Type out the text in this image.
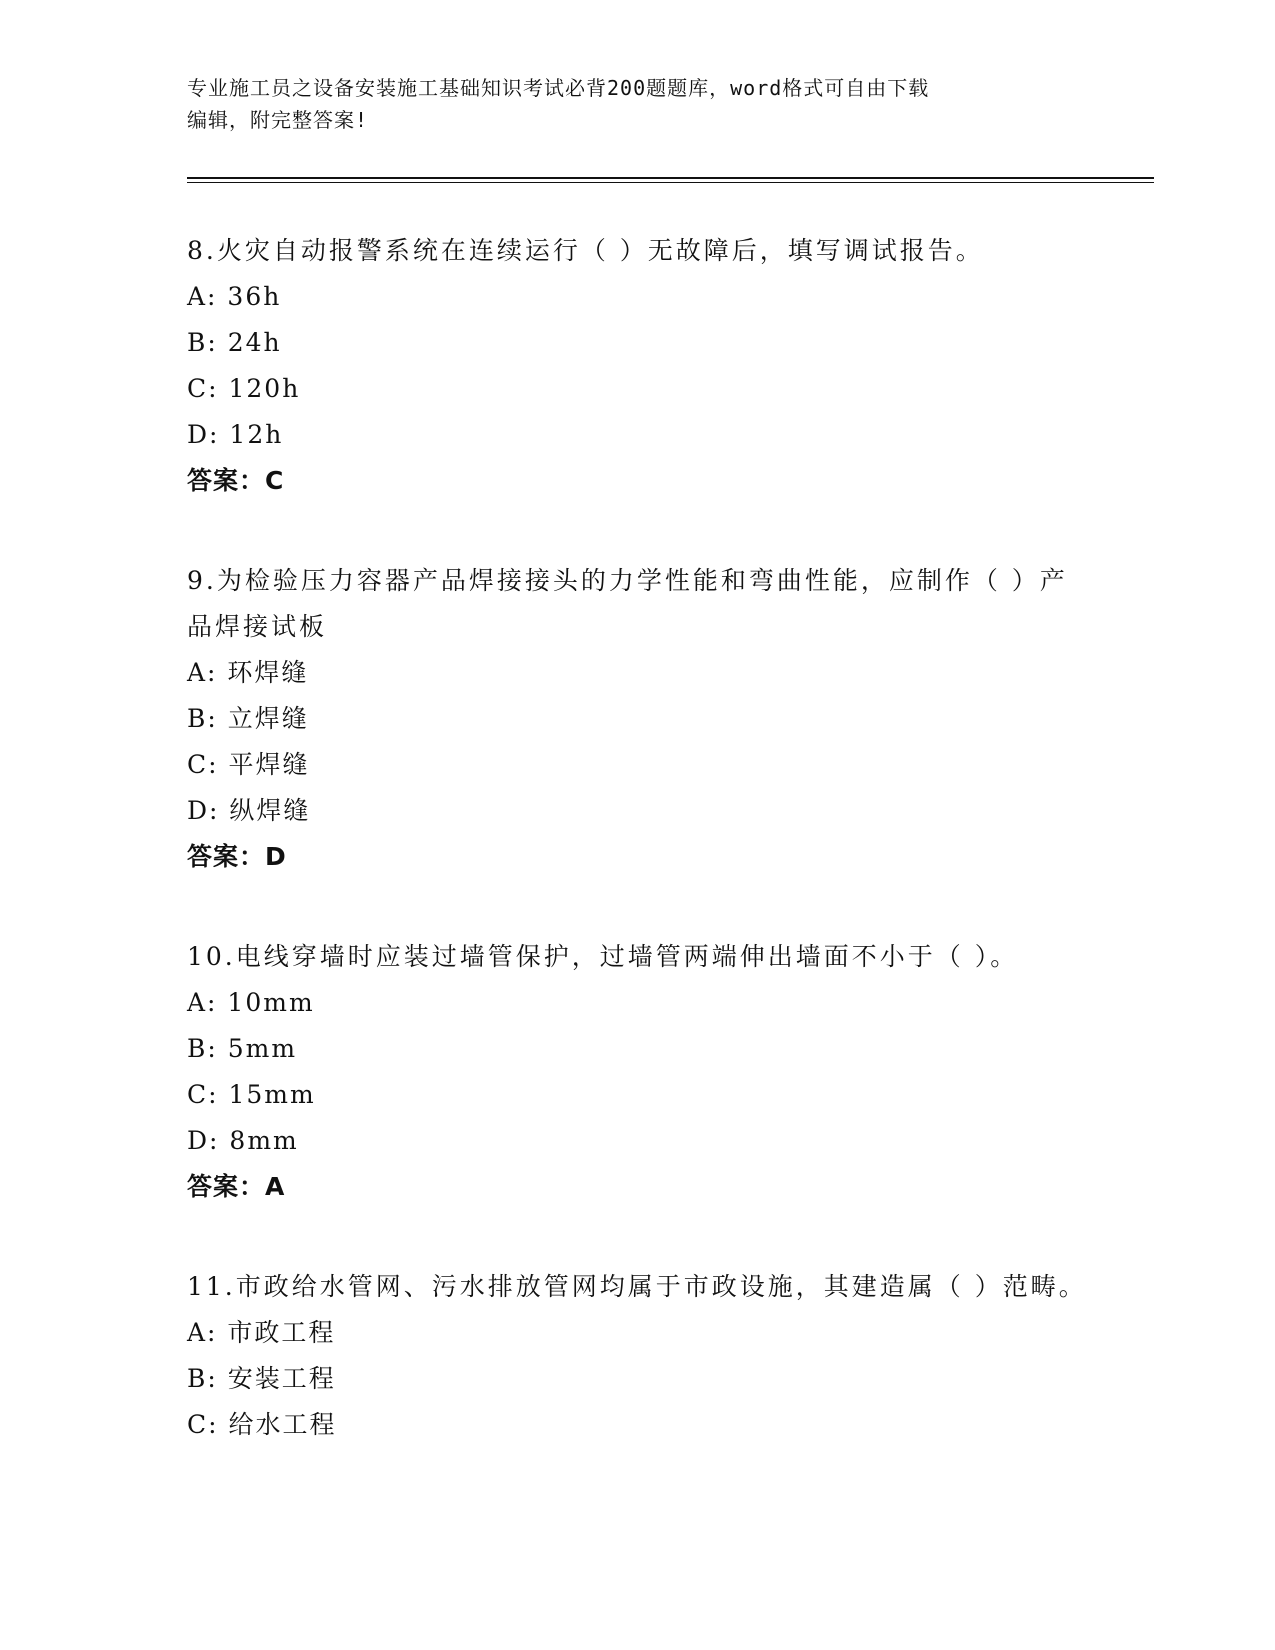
专业施工员之设备安装施工基础知识考试必背200题题库，word格式可自由下载
编辑，附完整答案!
8.火灾自动报警系统在连续运行（ ）无故障后，填写调试报告。
A: 36h
B: 24h
C: 120h
D: 12h
答案：C
9.为检验压力容器产品焊接接头的力学性能和弯曲性能，应制作（ ）产品焊接试板
A: 环焊缝
B: 立焊缝
C: 平焊缝
D: 纵焊缝
答案：D
10.电线穿墙时应装过墙管保护，过墙管两端伸出墙面不小于（ ）。
A: 10mm
B: 5mm
C: 15mm
D: 8mm
答案：A
11.市政给水管网、污水排放管网均属于市政设施，其建造属（ ）范畴。
A: 市政工程
B: 安装工程
C: 给水工程
